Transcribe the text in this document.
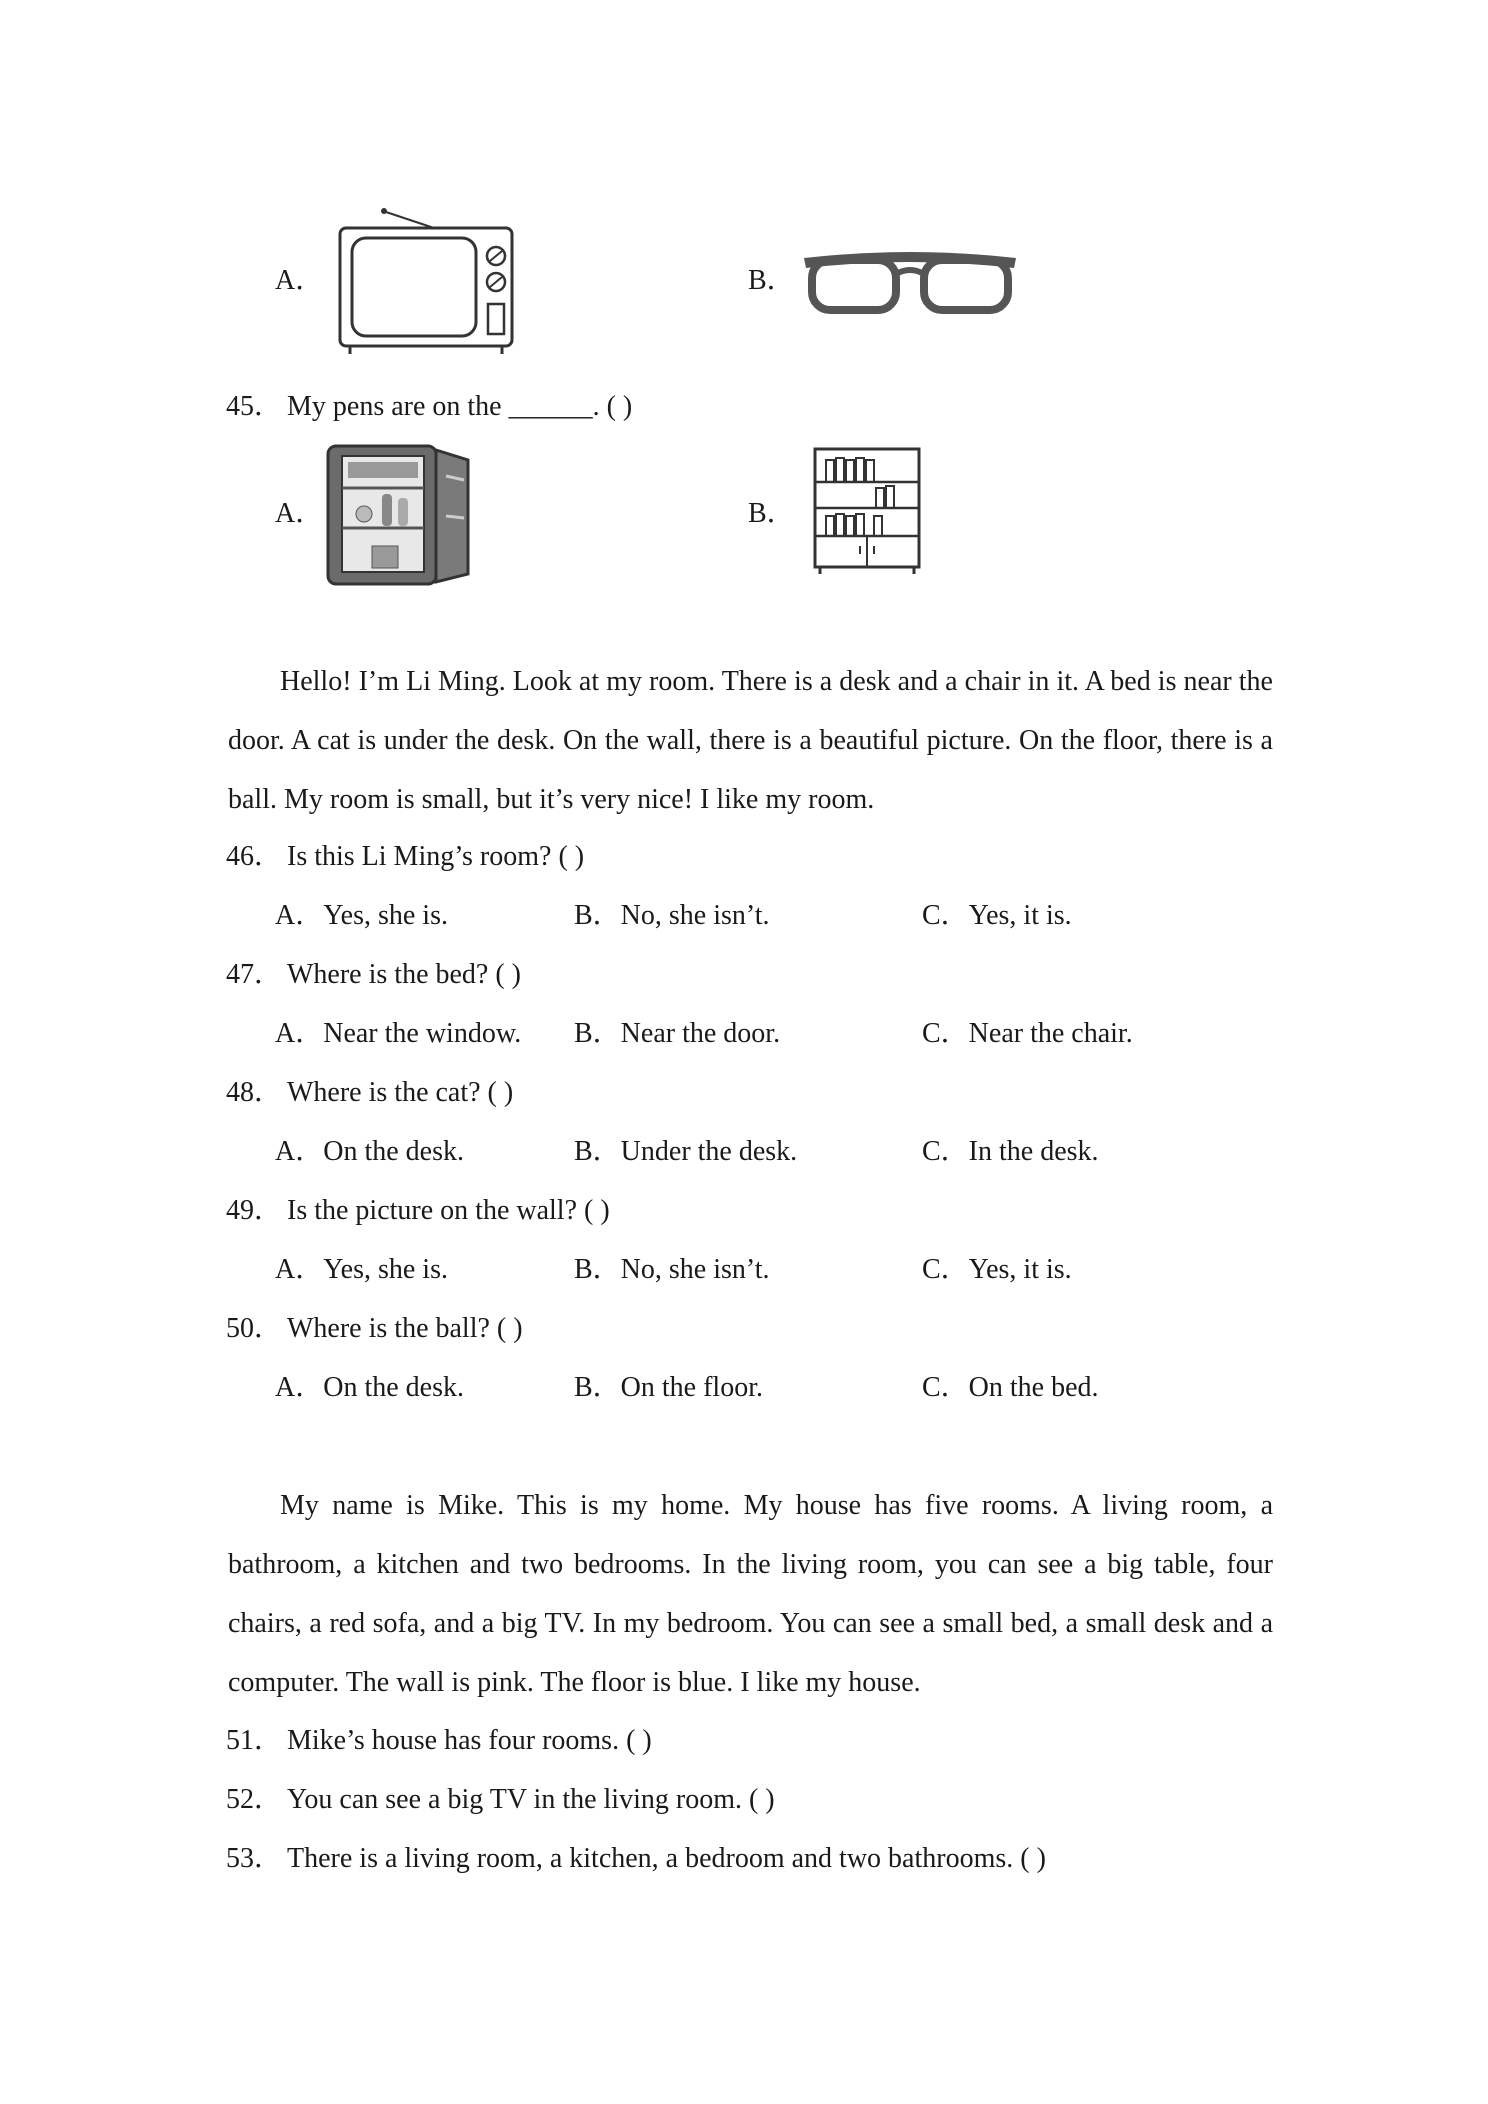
A．	B．
45． My pens are on the ______. ( )
A．	B．

Hello! I’m Li Ming. Look at my room. There is a desk and a chair in it. A bed is near the door. A cat is under the desk. On the wall, there is a beautiful picture. On the floor, there is a ball. My room is small, but it’s very nice! I like my room.

46． Is this Li Ming’s room? ( )
A．Yes, she is.	B．No, she isn’t.	C．Yes, it is.
47． Where is the bed? ( )
A．Near the window. B．Near the door.	C．Near the chair.
48． Where is the cat? ( )
A．On the desk.	B．Under the desk.	C．In the desk.
49． Is the picture on the wall? ( )
A．Yes, she is.	B．No, she isn’t.	C．Yes, it is.
50． Where is the ball? ( )
A．On the desk.	B．On the floor.	C．On the bed.

My name is Mike. This is my home. My house has five rooms. A living room, a bathroom, a kitchen and two bedrooms. In the living room, you can see a big table, four chairs, a red sofa, and a big TV. In my bedroom. You can see a small bed, a small desk and a computer. The wall is pink. The floor is blue. I like my house.

51． Mike’s house has four rooms. ( )
52． You can see a big TV in the living room. ( )
53． There is a living room, a kitchen, a bedroom and two bathrooms. ( )
